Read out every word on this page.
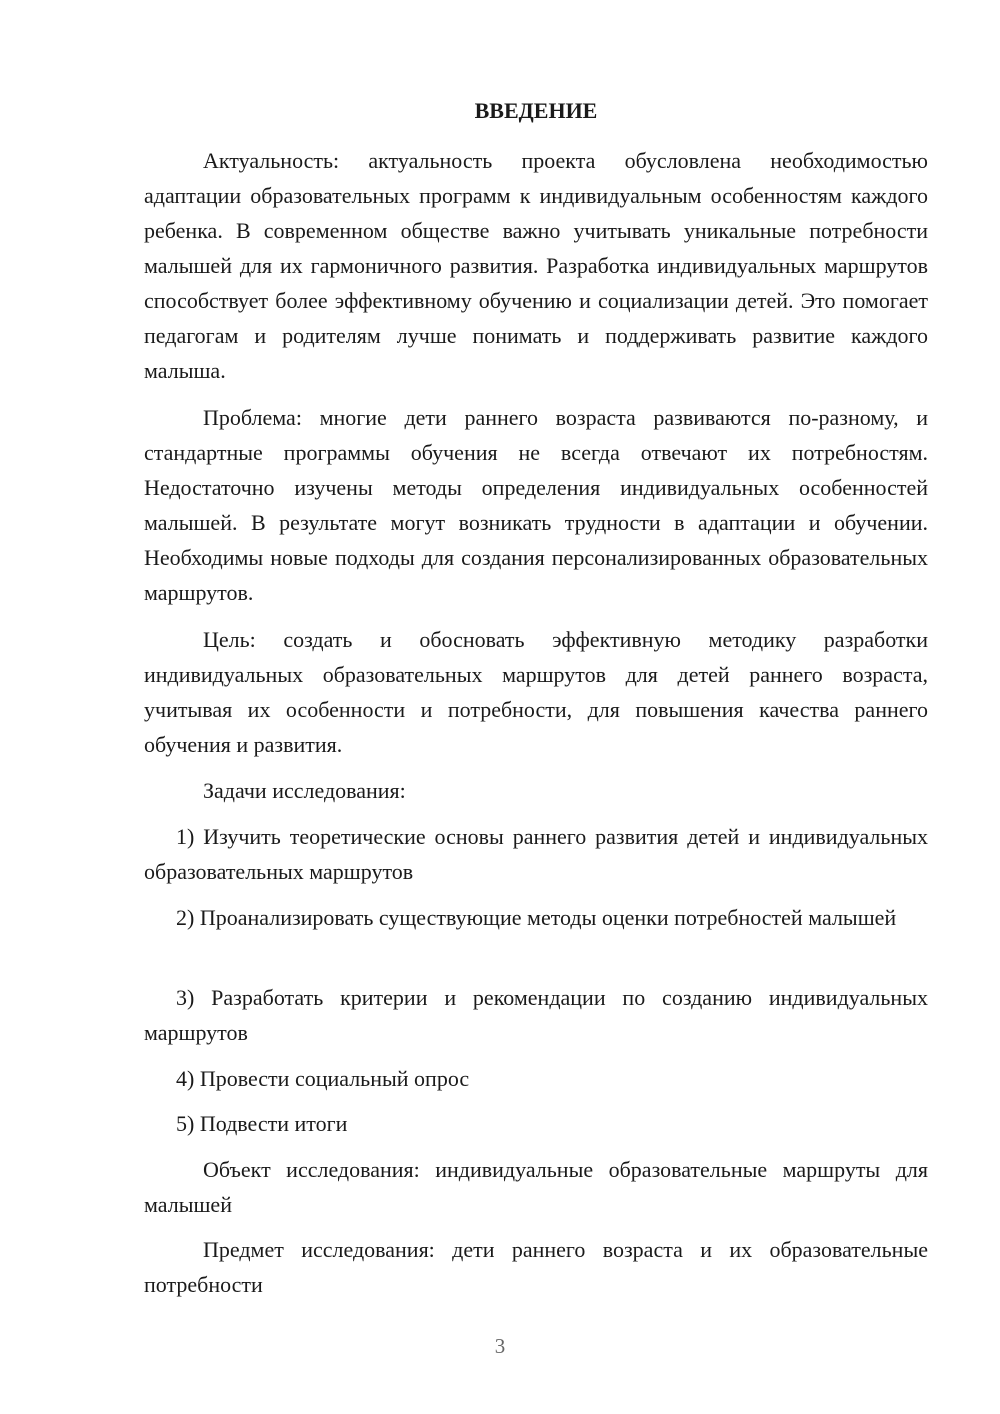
ВВЕДЕНИЕ

Актуальность: актуальность проекта обусловлена необходимостью адаптации образовательных программ к индивидуальным особенностям каждого ребенка. В современном обществе важно учитывать уникальные потребности малышей для их гармоничного развития. Разработка индивидуальных маршрутов способствует более эффективному обучению и социализации детей. Это помогает педагогам и родителям лучше понимать и поддерживать развитие каждого малыша.

Проблема: многие дети раннего возраста развиваются по-разному, и стандартные программы обучения не всегда отвечают их потребностям. Недостаточно изучены методы определения индивидуальных особенностей малышей. В результате могут возникать трудности в адаптации и обучении. Необходимы новые подходы для создания персонализированных образовательных маршрутов.

Цель: создать и обосновать эффективную методику разработки индивидуальных образовательных маршрутов для детей раннего возраста, учитывая их особенности и потребности, для повышения качества раннего обучения и развития.

Задачи исследования:

1) Изучить теоретические основы раннего развития детей и индивидуальных образовательных маршрутов

2) Проанализировать существующие методы оценки потребностей малышей

3) Разработать критерии и рекомендации по созданию индивидуальных маршрутов

4) Провести социальный опрос

5) Подвести итоги

Объект исследования: индивидуальные образовательные маршруты для малышей

Предмет исследования: дети раннего возраста и их образовательные потребности

3
